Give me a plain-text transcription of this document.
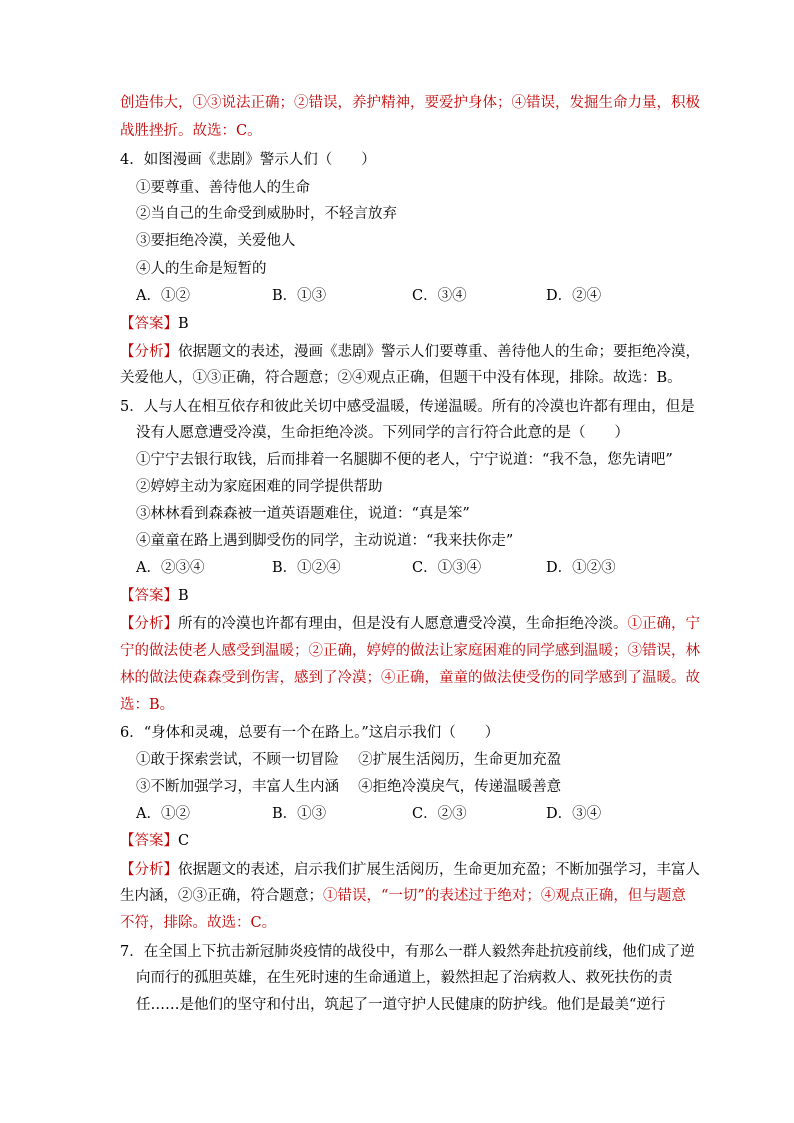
创造伟大，①③说法正确；②错误，养护精神，要爱护身体；④错误，发掘生命力量，积极
战胜挫折。故选：C。
4．如图漫画《悲剧》警示人们（　　）
①要尊重、善待他人的生命
②当自己的生命受到威胁时，不轻言放弃
③要拒绝冷漠，关爱他人
④人的生命是短暂的
【答案】B
【分析】依据题文的表述，漫画《悲剧》警示人们要尊重、善待他人的生命；要拒绝冷漠，
关爱他人，①③正确，符合题意；②④观点正确，但题干中没有体现，排除。故选：B。
5．人与人在相互依存和彼此关切中感受温暖，传递温暖。所有的冷漠也许都有理由，但是
没有人愿意遭受冷漠，生命拒绝冷淡。下列同学的言行符合此意的是（　　）
①宁宁去银行取钱，后而排着一名腿脚不便的老人，宁宁说道：“我不急，您先请吧”
②婷婷主动为家庭困难的同学提供帮助
③林林看到森森被一道英语题难住，说道：“真是笨”
④童童在路上遇到脚受伤的同学，主动说道：“我来扶你走”
【答案】B
【分析】所有的冷漠也许都有理由，但是没有人愿意遭受冷漠，生命拒绝冷淡。①正确，宁
宁的做法使老人感受到温暖；②正确，婷婷的做法让家庭困难的同学感到温暖；③错误，林
林的做法使森森受到伤害，感到了冷漠；④正确，童童的做法使受伤的同学感到了温暖。故
选：B。
6．“身体和灵魂，总要有一个在路上。”这启示我们（　　）
①敢于探索尝试，不顾一切冒险　 ②扩展生活阅历，生命更加充盈
③不断加强学习，丰富人生内涵　 ④拒绝冷漠戾气，传递温暖善意
【答案】C
【分析】依据题文的表述，启示我们扩展生活阅历，生命更加充盈；不断加强学习，丰富人
生内涵，②③正确，符合题意；①错误，“一切”的表述过于绝对；④观点正确，但与题意
不符，排除。故选：C。
7．在全国上下抗击新冠肺炎疫情的战役中，有那么一群人毅然奔赴抗疫前线，他们成了逆
向而行的孤胆英雄，在生死时速的生命通道上，毅然担起了治病救人、救死扶伤的责
任……是他们的坚守和付出，筑起了一道守护人民健康的防护线。他们是最美“逆行
A．①②	B．①③	C．③④	D．②④
A．②③④	B．①②④	C．①③④	D．①②③
A．①②	B．①③	C．②③	D．③④
